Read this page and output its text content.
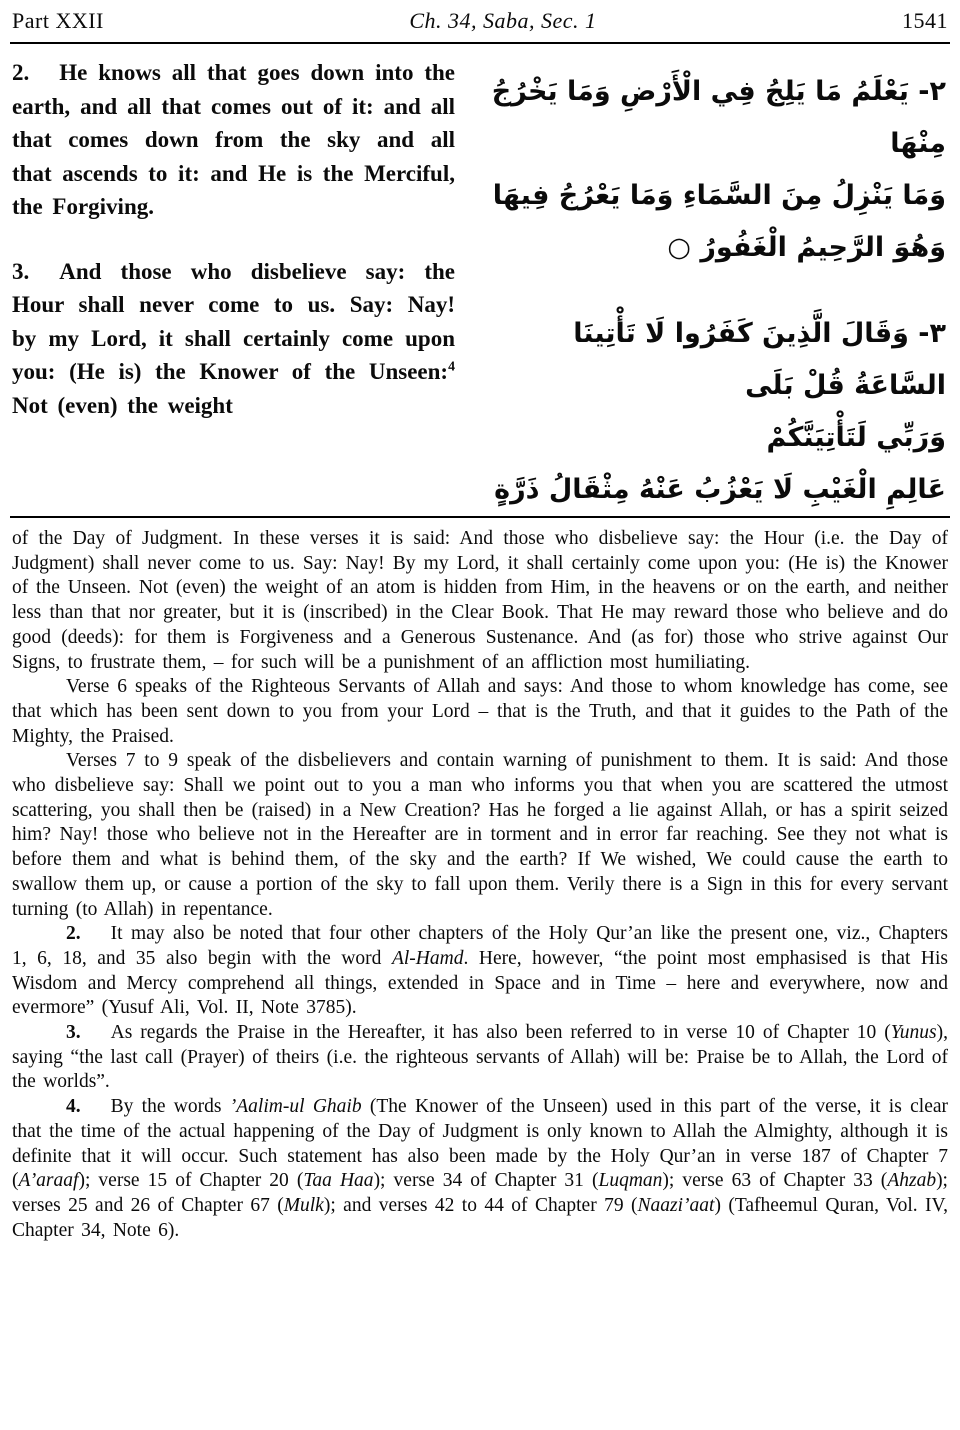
Part XXII	Ch. 34, Saba, Sec. 1	1541

2. He knows all that goes down into the earth, and all that comes out of it: and all that comes down from the sky and all that ascends to it: and He is the Merciful, the Forgiving.

3. And those who disbelieve say: the Hour shall never come to us. Say: Nay! by my Lord, it shall certainly come upon you: (He is) the Knower of the Unseen:$^4$ Not (even) the weight

٢- يَعْلَمُ مَا يَلِجُ فِي الْأَرْضِ وَمَا يَخْرُجُ مِنْهَا
وَمَا يَنْزِلُ مِنَ السَّمَاءِ وَمَا يَعْرُجُ فِيهَا
وَهُوَ الرَّحِيمُ الْغَفُورُ ○
٣- وَقَالَ الَّذِينَ كَفَرُوا لَا تَأْتِينَا
السَّاعَةُ قُلْ بَلَى
وَرَبِّي لَتَأْتِيَنَّكُمْ
عَالِمِ الْغَيْبِ لَا يَعْزُبُ عَنْهُ مِثْقَالُ ذَرَّةٍ

of the Day of Judgment. In these verses it is said: And those who disbelieve say: the Hour (i.e. the Day of Judgment) shall never come to us. Say: Nay! By my Lord, it shall certainly come upon you: (He is) the Knower of the Unseen. Not (even) the weight of an atom is hidden from Him, in the heavens or on the earth, and neither less than that nor greater, but it is (inscribed) in the Clear Book. That He may reward those who believe and do good (deeds): for them is Forgiveness and a Generous Sustenance. And (as for) those who strive against Our Signs, to frustrate them, – for such will be a punishment of an affliction most humiliating.

Verse 6 speaks of the Righteous Servants of Allah and says: And those to whom knowledge has come, see that which has been sent down to you from your Lord – that is the Truth, and that it guides to the Path of the Mighty, the Praised.

Verses 7 to 9 speak of the disbelievers and contain warning of punishment to them. It is said: And those who disbelieve say: Shall we point out to you a man who informs you that when you are scattered the utmost scattering, you shall then be (raised) in a New Creation? Has he forged a lie against Allah, or has a spirit seized him? Nay! those who believe not in the Hereafter are in torment and in error far reaching. See they not what is before them and what is behind them, of the sky and the earth? If We wished, We could cause the earth to swallow them up, or cause a portion of the sky to fall upon them. Verily there is a Sign in this for every servant turning (to Allah) in repentance.

2. It may also be noted that four other chapters of the Holy Qur’an like the present one, viz., Chapters 1, 6, 18, and 35 also begin with the word Al-Hamd. Here, however, “the point most emphasised is that His Wisdom and Mercy comprehend all things, extended in Space and in Time – here and everywhere, now and evermore” (Yusuf Ali, Vol. II, Note 3785).

3. As regards the Praise in the Hereafter, it has also been referred to in verse 10 of Chapter 10 (Yunus), saying “the last call (Prayer) of theirs (i.e. the righteous servants of Allah) will be: Praise be to Allah, the Lord of the worlds”.

4. By the words ’Aalim-ul Ghaib (The Knower of the Unseen) used in this part of the verse, it is clear that the time of the actual happening of the Day of Judgment is only known to Allah the Almighty, although it is definite that it will occur. Such statement has also been made by the Holy Qur’an in verse 187 of Chapter 7 (A’araaf); verse 15 of Chapter 20 (Taa Haa); verse 34 of Chapter 31 (Luqman); verse 63 of Chapter 33 (Ahzab); verses 25 and 26 of Chapter 67 (Mulk); and verses 42 to 44 of Chapter 79 (Naazi’aat) (Tafheemul Quran, Vol. IV, Chapter 34, Note 6).
